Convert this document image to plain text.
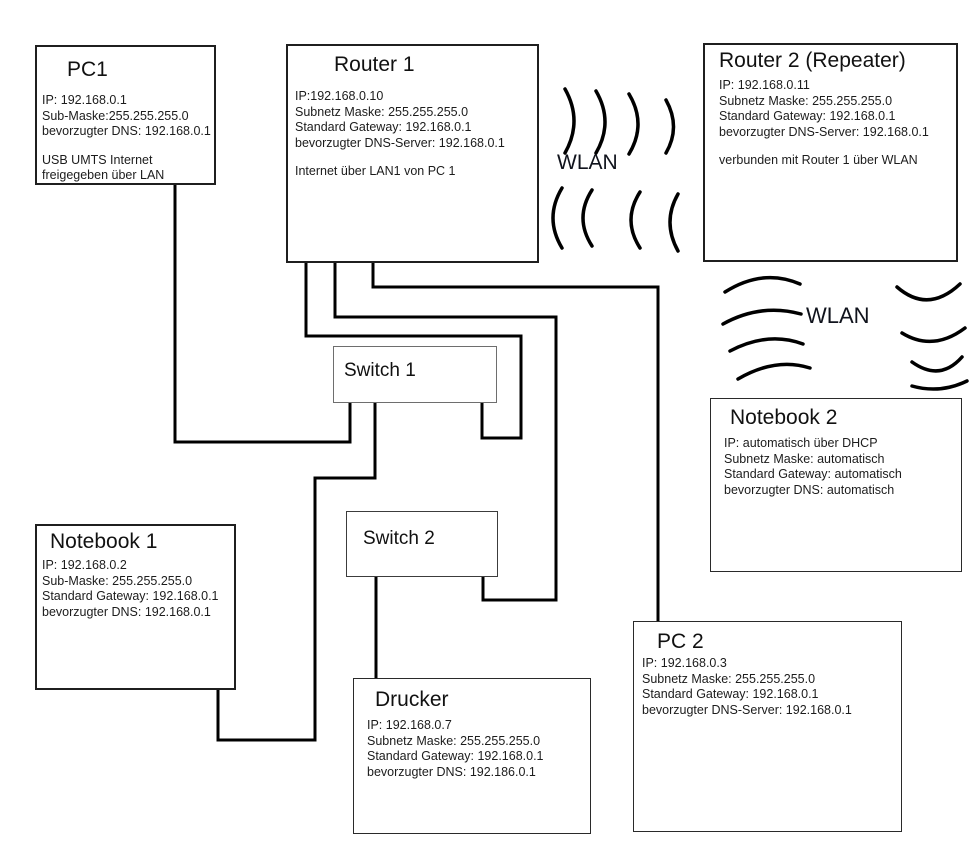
PC1
IP: 192.168.0.1
Sub-Maske:255.255.255.0
bevorzugter DNS: 192.168.0.1
USB UMTS Internet
freigegeben über LAN
Router 1
IP:192.168.0.10
Subnetz Maske: 255.255.255.0
Standard Gateway: 192.168.0.1
bevorzugter DNS-Server: 192.168.0.1
Internet über LAN1 von PC 1
Router 2 (Repeater)
IP: 192.168.0.11
Subnetz Maske: 255.255.255.0
Standard Gateway: 192.168.0.1
bevorzugter DNS-Server: 192.168.0.1
verbunden mit Router 1 über WLAN
Switch 1
Switch 2
Notebook 1
IP: 192.168.0.2
Sub-Maske: 255.255.255.0
Standard Gateway: 192.168.0.1
bevorzugter DNS: 192.168.0.1
Notebook 2
IP: automatisch über DHCP
Subnetz Maske: automatisch
Standard Gateway: automatisch
bevorzugter DNS: automatisch
Drucker
IP: 192.168.0.7
Subnetz Maske: 255.255.255.0
Standard Gateway: 192.168.0.1
bevorzugter DNS: 192.186.0.1
PC 2
IP: 192.168.0.3
Subnetz Maske: 255.255.255.0
Standard Gateway: 192.168.0.1
bevorzugter DNS-Server: 192.168.0.1
WLAN
WLAN
